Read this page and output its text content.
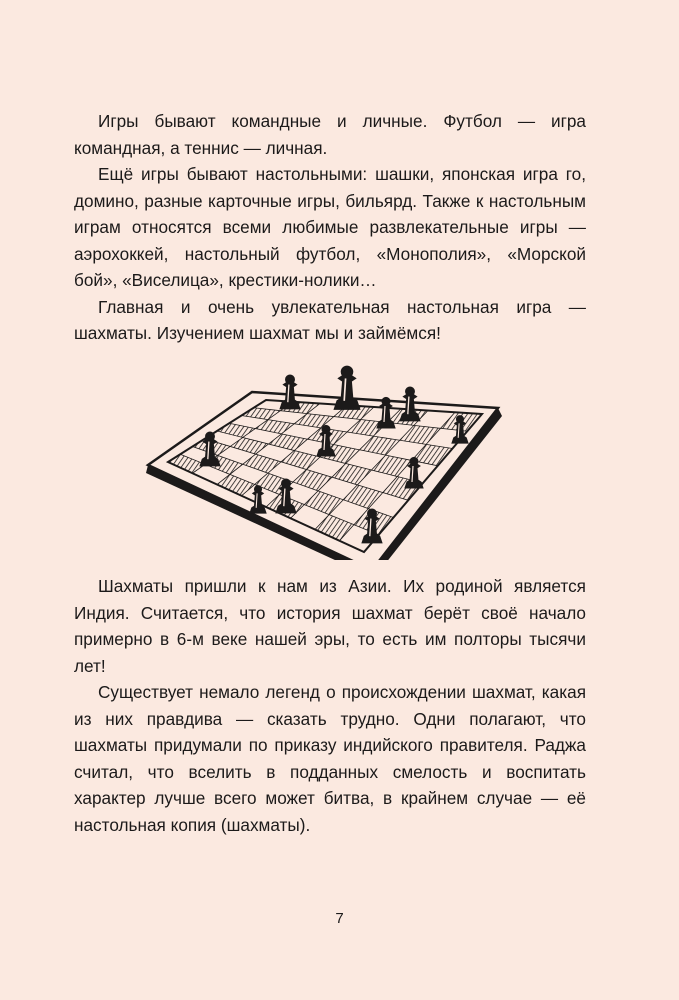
Игры бывают командные и личные. Футбол — игра командная, а теннис — личная.

Ещё игры бывают настольными: шашки, японская игра го, домино, разные карточные игры, бильярд. Также к настольным играм относятся всеми любимые развлекательные игры — аэрохоккей, настольный футбол, «Монополия», «Морской бой», «Виселица», крестики-нолики…

Главная и очень увлекательная настольная игра — шахматы. Изучением шахмат мы и займёмся!

Шахматы пришли к нам из Азии. Их родиной является Индия. Считается, что история шахмат берёт своё начало примерно в 6-м веке нашей эры, то есть им полторы тысячи лет!

Существует немало легенд о происхождении шахмат, какая из них правдива — сказать трудно. Одни полагают, что шахматы придумали по приказу индийского правителя. Раджа считал, что вселить в подданных смелость и воспитать характер лучше всего может битва, в крайнем случае — её настольная копия (шахматы).

7
